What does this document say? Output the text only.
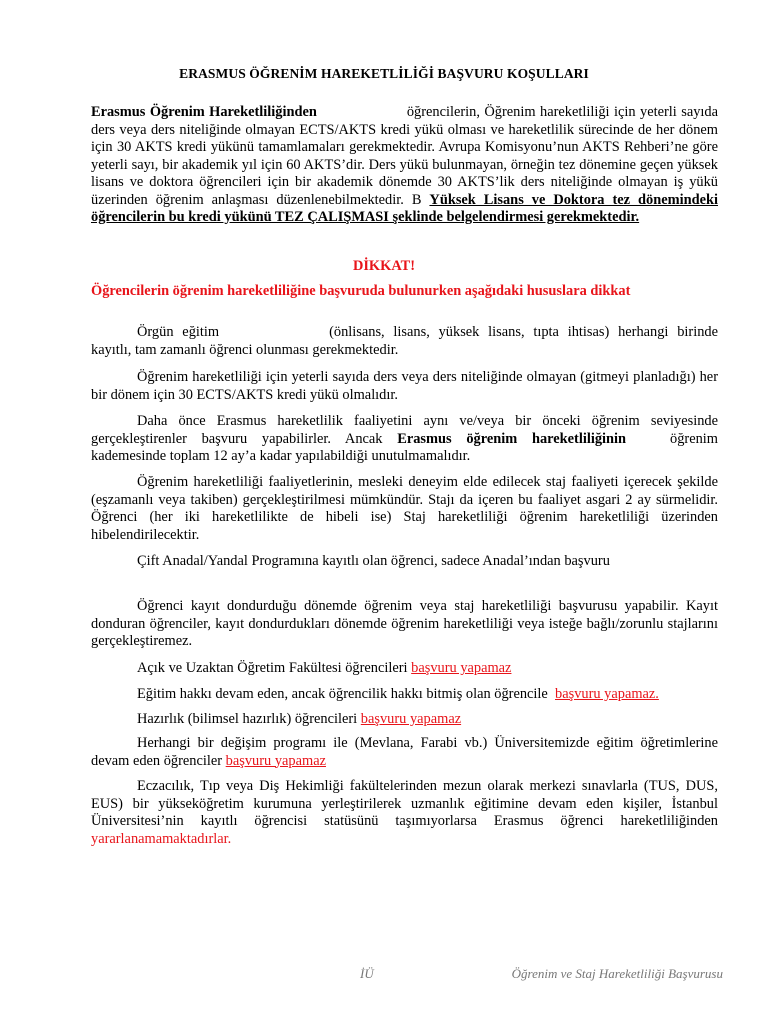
ERASMUS ÖĞRENİM HAREKETLİLİĞİ BAŞVURU KOŞULLARI
Erasmus Öğrenim Hareketliliğinden	öğrencilerin, Öğrenim hareketliliği için yeterli sayıda ders veya ders niteliğinde olmayan ECTS/AKTS kredi yükü olması ve hareketlilik sürecinde de her dönem için 30 AKTS kredi yükünü tamamlamaları gerekmektedir. Avrupa Komisyonu’nun AKTS Rehberi’ne göre yeterli sayı, bir akademik yıl için 60 AKTS’dir. Ders yükü bulunmayan, örneğin tez dönemine geçen yüksek lisans ve doktora öğrencileri için bir akademik dönemde 30 AKTS’lik ders niteliğinde olmayan iş yükü üzerinden öğrenim anlaşması düzenlenebilmektedir. B Yüksek Lisans ve Doktora tez dönemindeki öğrencilerin bu kredi yükünü TEZ ÇALIŞMASI şeklinde belgelendirmesi gerekmektedir.
DİKKAT!
Öğrencilerin öğrenim hareketliliğine başvuruda bulunurken aşağıdaki hususlara dikkat
Örgün eğitim	(önlisans, lisans, yüksek lisans, tıpta ihtisas) herhangi birinde kayıtlı, tam zamanlı öğrenci olunması gerekmektedir.
Öğrenim hareketliliği için yeterli sayıda ders veya ders niteliğinde olmayan (gitmeyi planladığı) her bir dönem için 30 ECTS/AKTS kredi yükü olmalıdır.
Daha önce Erasmus hareketlilik faaliyetini aynı ve/veya bir önceki öğrenim seviyesinde gerçekleştirenler başvuru yapabilirler. Ancak Erasmus öğrenim hareketliliğinin	öğrenim kademesinde toplam 12 ay’a kadar yapılabildiği unutulmamalıdır.
Öğrenim hareketliliği faaliyetlerinin, mesleki deneyim elde edilecek staj faaliyeti içerecek şekilde (eşzamanlı veya takiben) gerçekleştirilmesi mümkündür. Stajı da içeren bu faaliyet asgari 2 ay sürmelidir. Öğrenci (her iki hareketlilikte de hibeli ise) Staj hareketliliği öğrenim hareketliliği üzerinden hibelendirilecektir.
Çift Anadal/Yandal Programına kayıtlı olan öğrenci, sadece Anadal’ından başvuru
Öğrenci kayıt dondurduğu dönemde öğrenim veya staj hareketliliği başvurusu yapabilir. Kayıt donduran öğrenciler, kayıt dondurdukları dönemde öğrenim hareketliliği veya isteğe bağlı/zorunlu stajlarını gerçekleştiremez.
Açık ve Uzaktan Öğretim Fakültesi öğrencileri başvuru yapamaz
Eğitim hakkı devam eden, ancak öğrencilik hakkı bitmiş olan öğrencile başvuru yapamaz.
Hazırlık (bilimsel hazırlık) öğrencileri başvuru yapamaz
Herhangi bir değişim programı ile (Mevlana, Farabi vb.) Üniversitemizde eğitim öğretimlerine devam eden öğrenciler başvuru yapamaz
Eczacılık, Tıp veya Diş Hekimliği fakültelerinden mezun olarak merkezi sınavlarla (TUS, DUS, EUS) bir yükseköğretim kurumuna yerleştirilerek uzmanlık eğitimine devam eden kişiler, İstanbul Üniversitesi’nin kayıtlı öğrencisi statüsünü taşımıyorlarsa Erasmus öğrenci hareketliliğinden yararlanamamaktadırlar.
İÜ	Öğrenim ve Staj Hareketliliği Başvurusu
